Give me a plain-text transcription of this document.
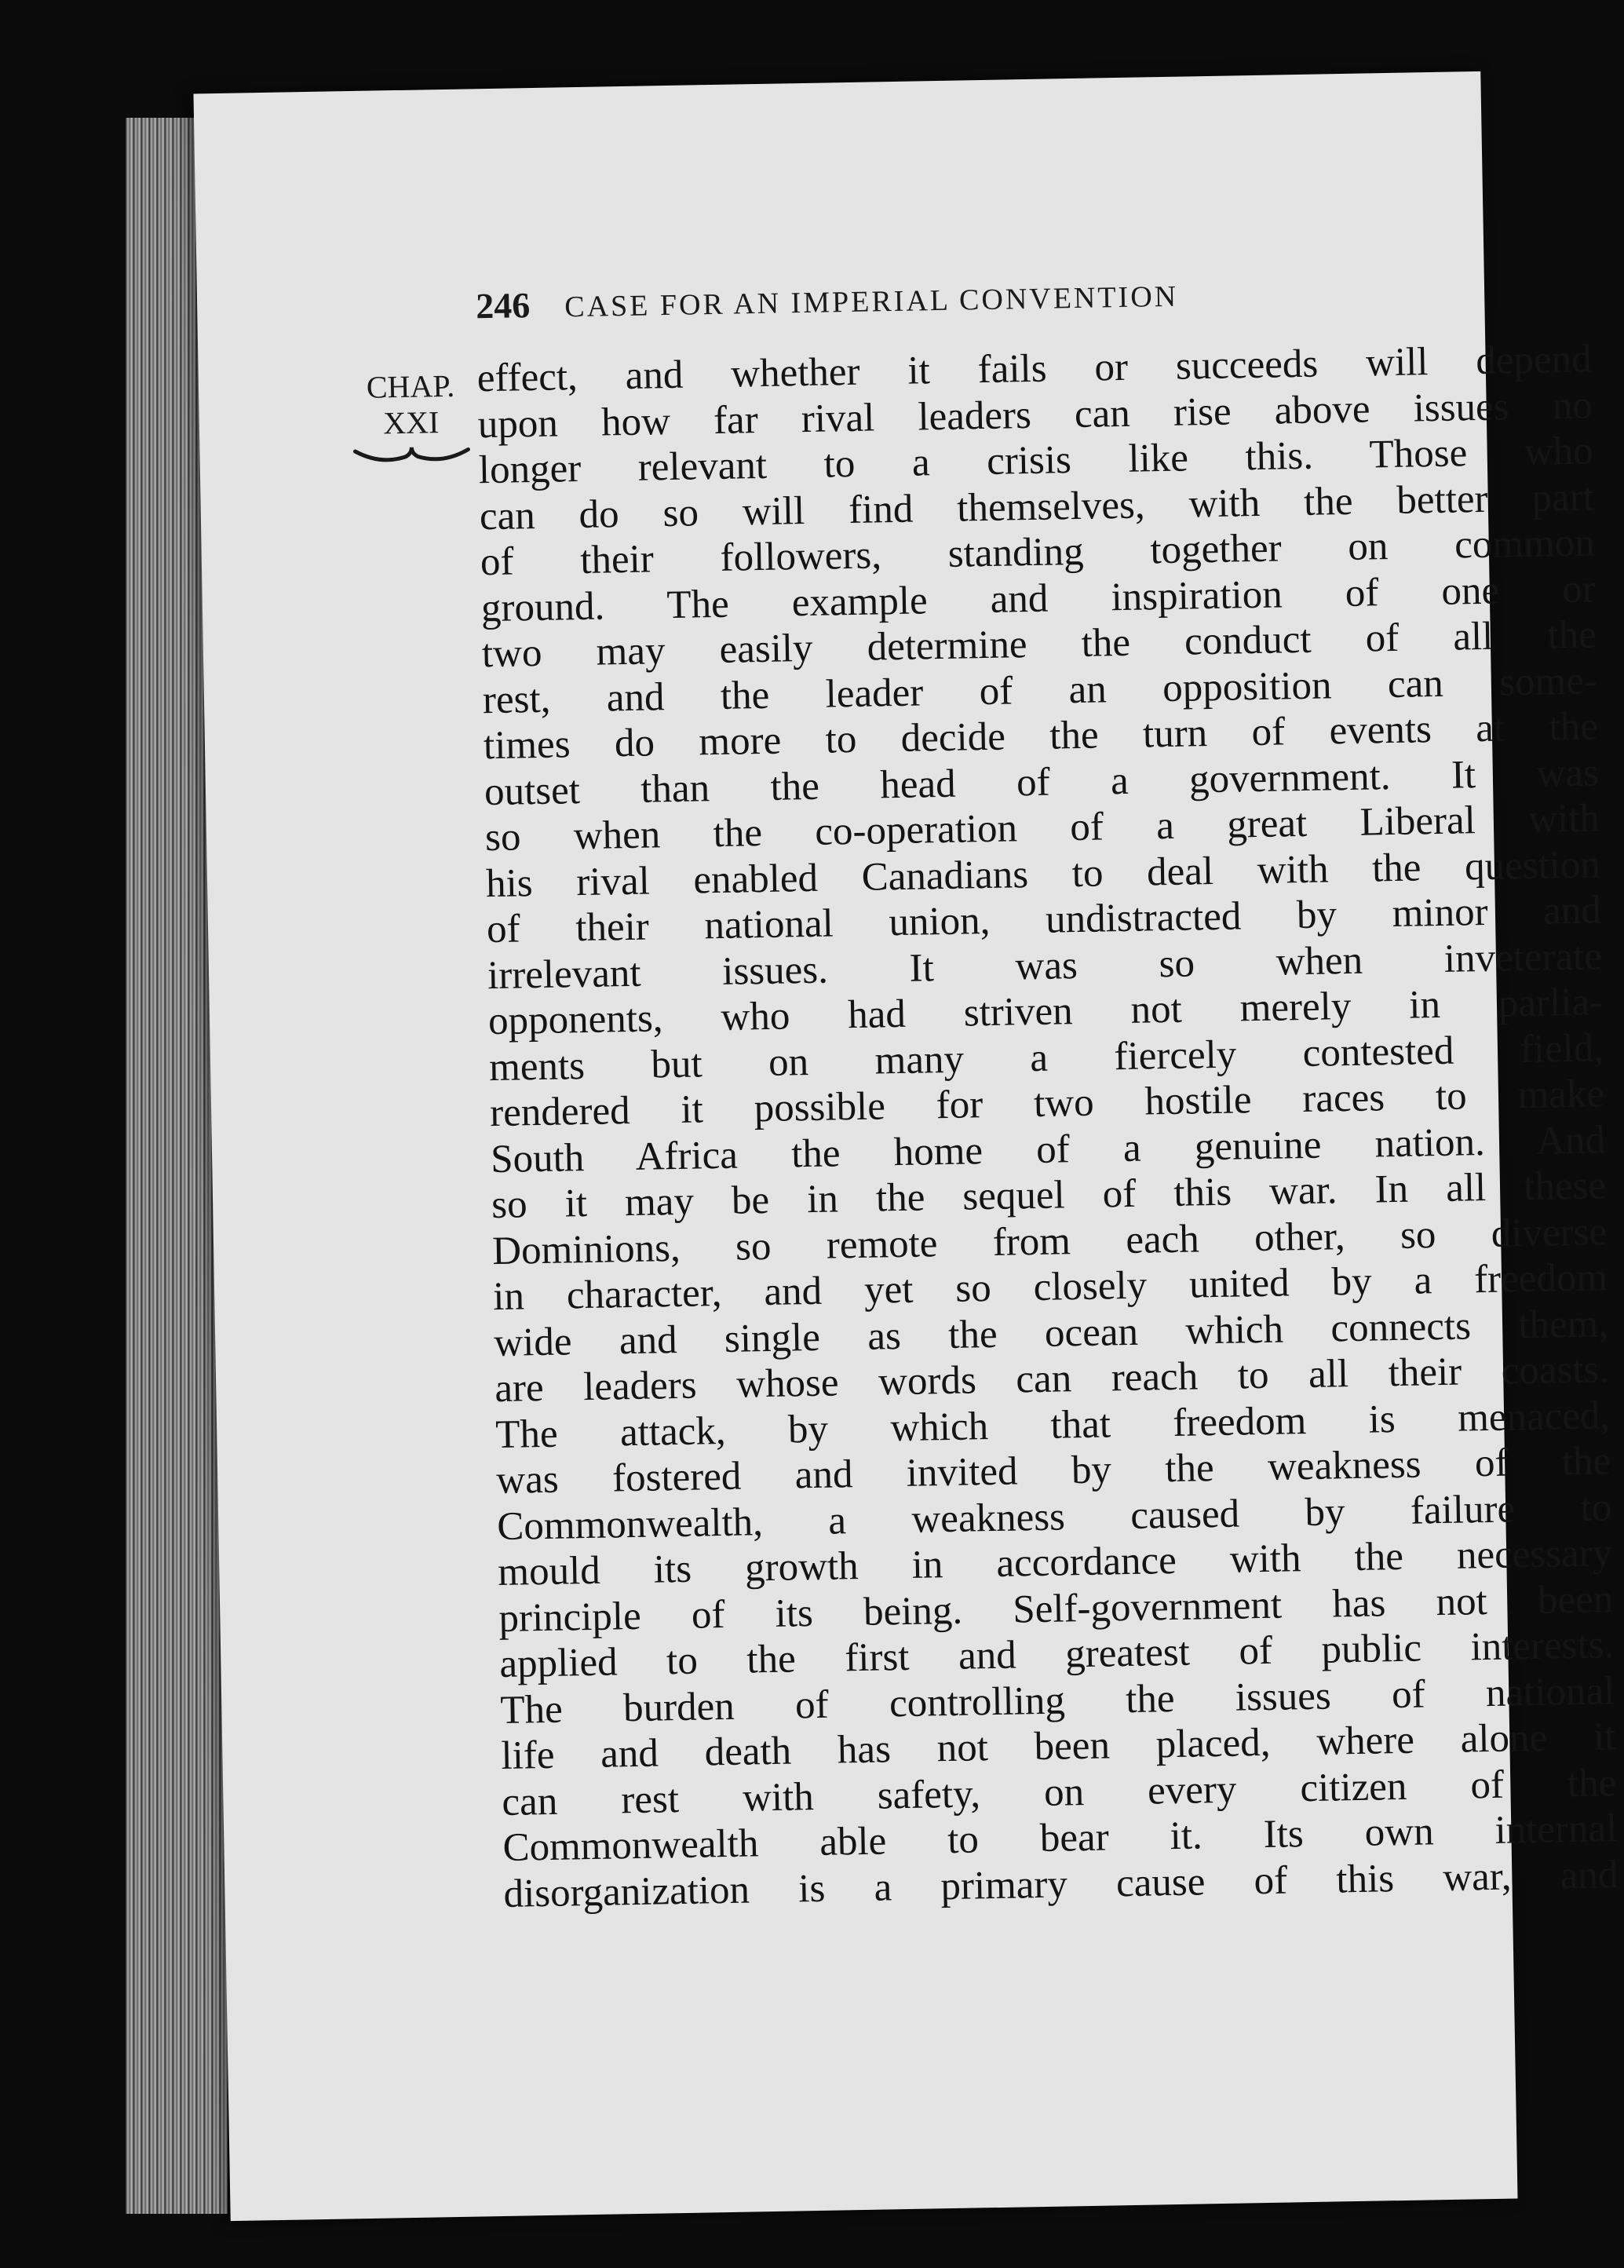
246 CASE FOR AN IMPERIAL CONVENTION
CHAP.
XXI
effect, and whether it fails or succeeds will depend
upon how far rival leaders can rise above issues no
longer relevant to a crisis like this. Those who
can do so will find themselves, with the better part
of their followers, standing together on common
ground. The example and inspiration of one or
two may easily determine the conduct of all the
rest, and the leader of an opposition can some-
times do more to decide the turn of events at the
outset than the head of a government. It was
so when the co-operation of a great Liberal with
his rival enabled Canadians to deal with the question
of their national union, undistracted by minor and
irrelevant issues. It was so when inveterate
opponents, who had striven not merely in parlia-
ments but on many a fiercely contested field,
rendered it possible for two hostile races to make
South Africa the home of a genuine nation. And
so it may be in the sequel of this war. In all these
Dominions, so remote from each other, so diverse
in character, and yet so closely united by a freedom
wide and single as the ocean which connects them,
are leaders whose words can reach to all their coasts.
The attack, by which that freedom is menaced,
was fostered and invited by the weakness of the
Commonwealth, a weakness caused by failure to
mould its growth in accordance with the necessary
principle of its being. Self-government has not been
applied to the first and greatest of public interests.
The burden of controlling the issues of national
life and death has not been placed, where alone it
can rest with safety, on every citizen of the
Commonwealth able to bear it. Its own internal
disorganization is a primary cause of this war, and
